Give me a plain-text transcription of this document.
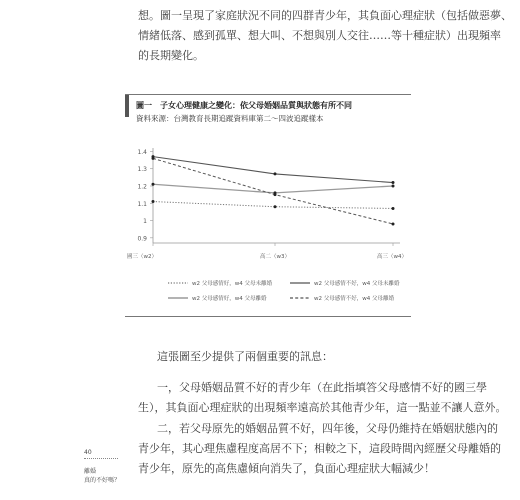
想。圖一呈現了家庭狀況不同的四群青少年，其負面心理症狀（包括做惡夢、
情緒低落、感到孤單、想大叫、不想與別人交往……等十種症狀）出現頻率
的長期變化。
圖一　子女心理健康之變化：依父母婚姻品質與狀態有所不同
資料來源：台灣教育長期追蹤資料庫第二～四波追蹤樣本
1.4
1.3
1.2
1.1
1
0.9
國三（w2）	高二（w3）	高三（w4）
w2 父母感情好，w4 父母未離婚	w2 父母感情不好，w4 父母未離婚
w2 父母感情好，w4 父母離婚	w2 父母感情不好，w4 父母離婚
這張圖至少提供了兩個重要的訊息：
一，父母婚姻品質不好的青少年（在此指填答父母感情不好的國三學
生），其負面心理症狀的出現頻率遠高於其他青少年，這一點並不讓人意外。
二，若父母原先的婚姻品質不好，四年後，父母仍維持在婚姻狀態內的
青少年，其心理焦慮程度高居不下；相較之下，這段時間內經歷父母離婚的
青少年，原先的高焦慮傾向消失了，負面心理症狀大幅減少！
40
離婚
真的不好嗎？
